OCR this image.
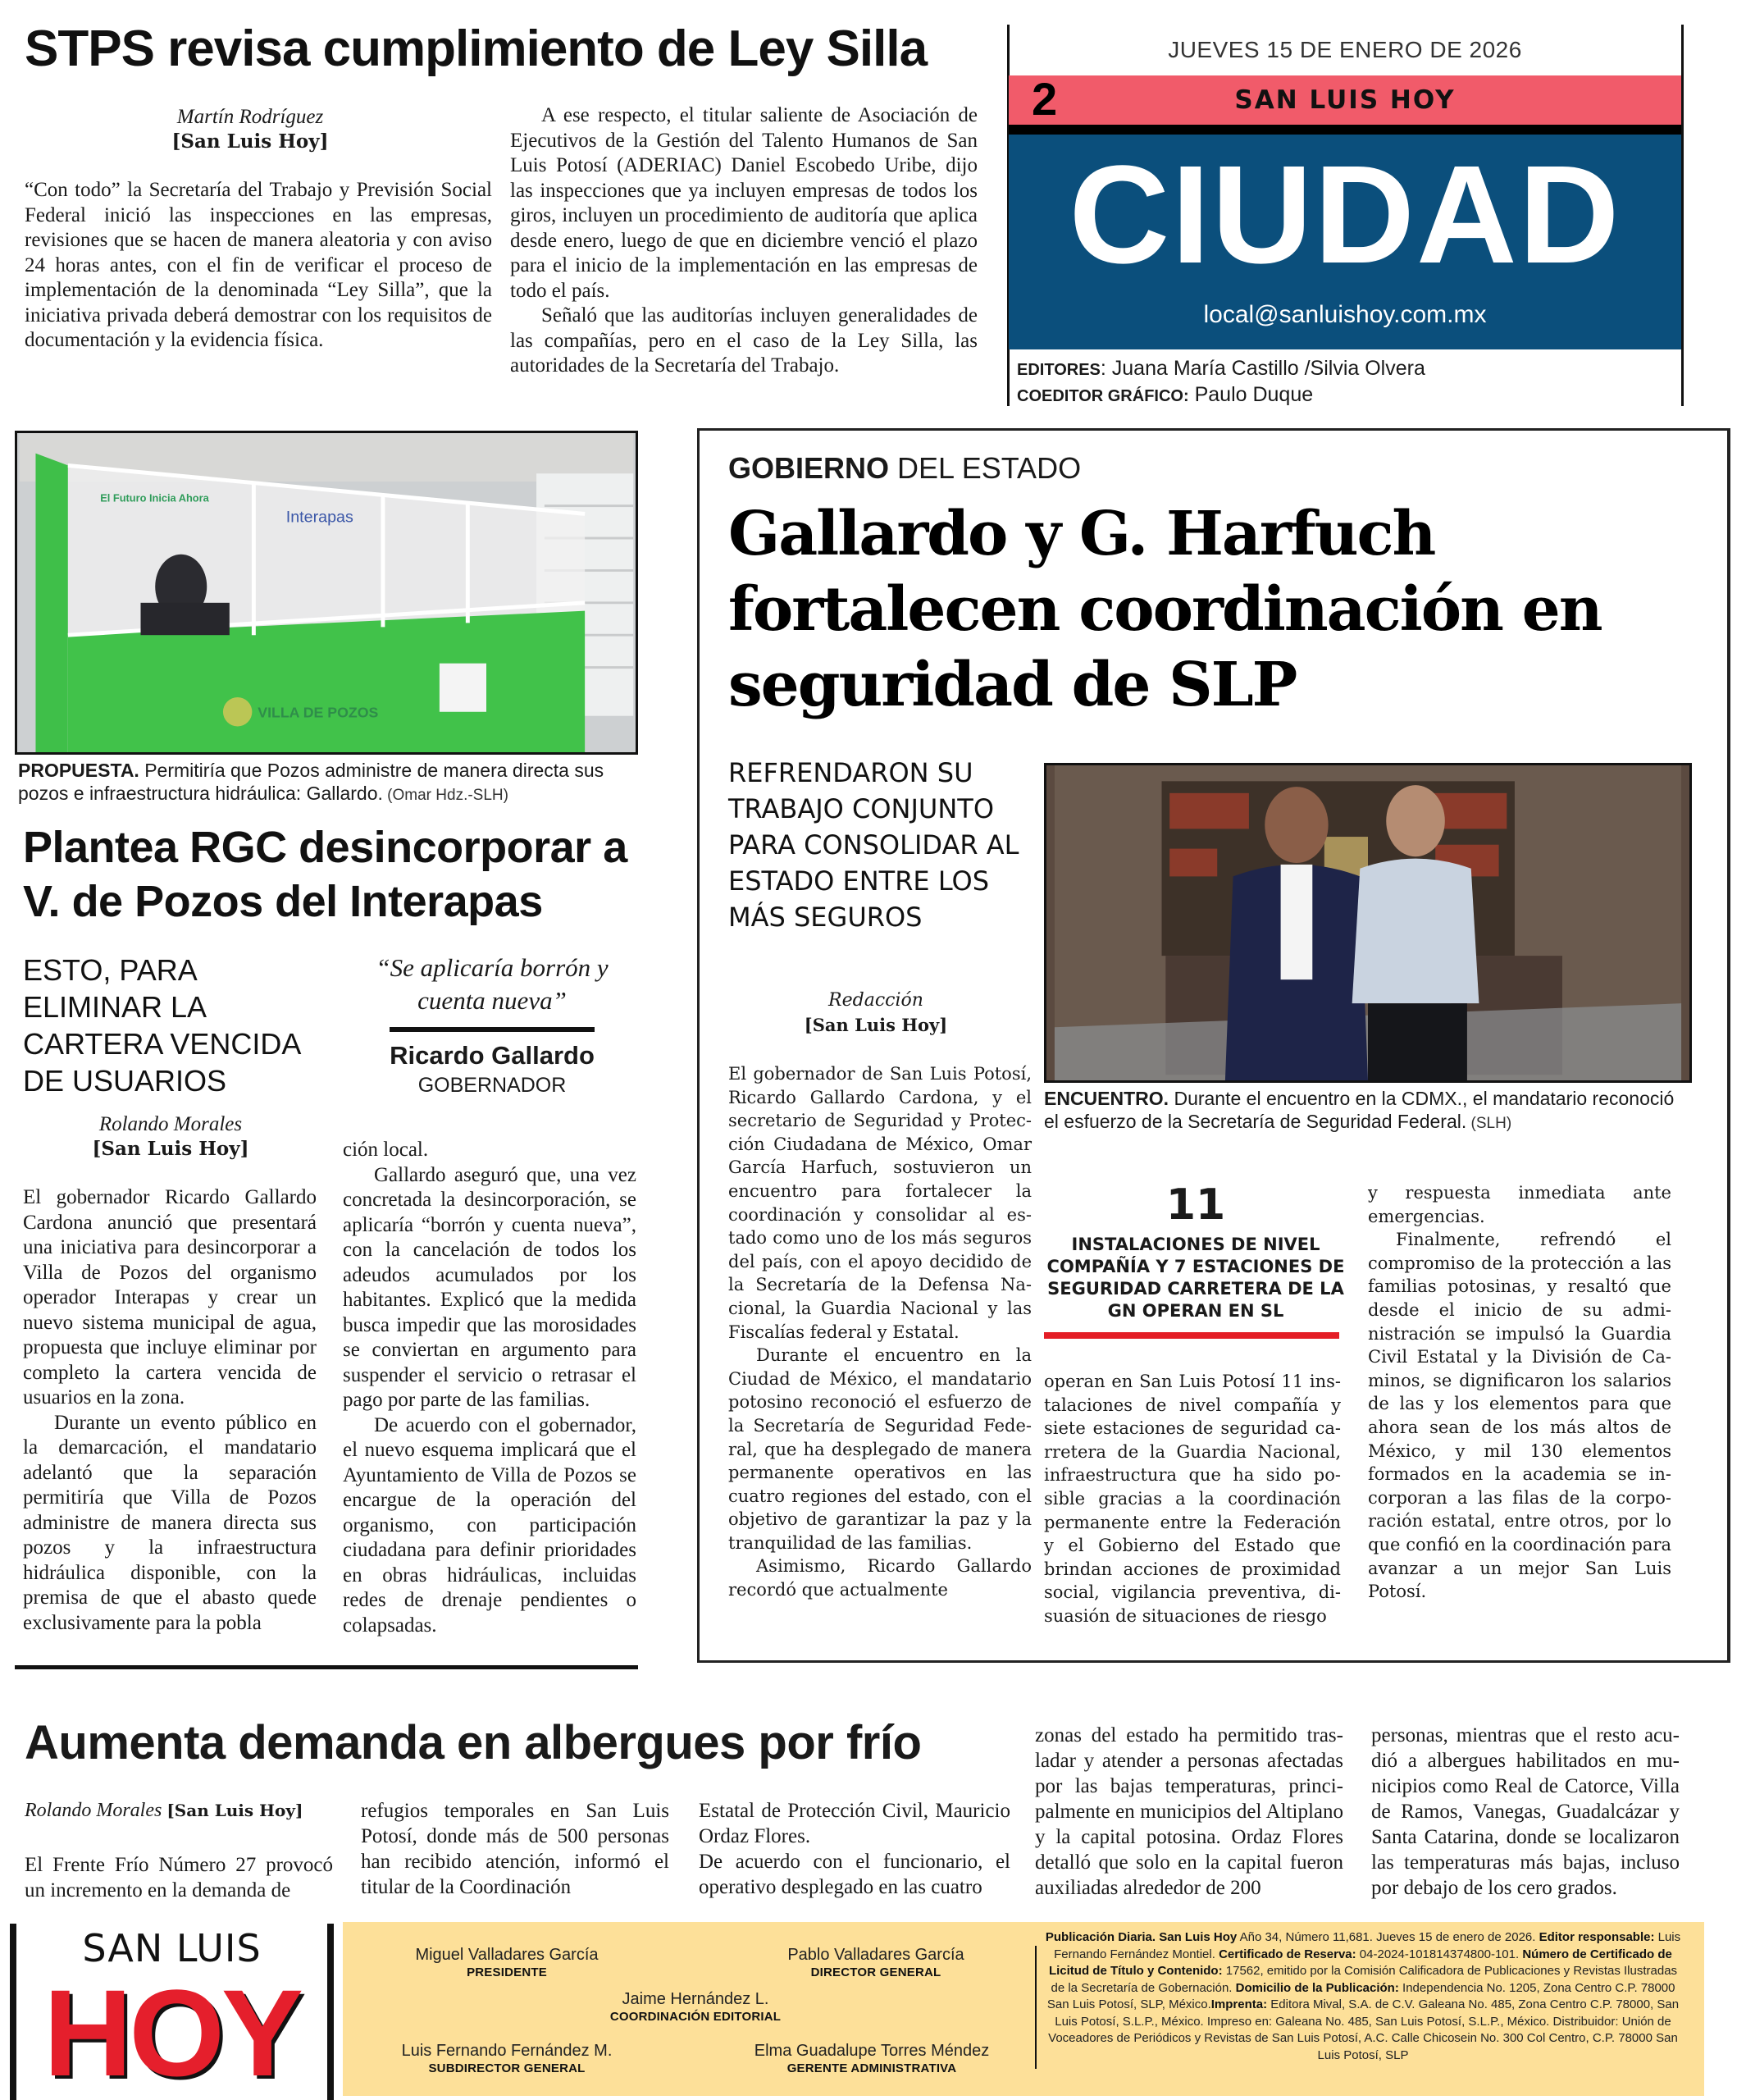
STPS revisa cumplimiento de Ley Silla
Martín Rodríguez
[San Luis Hoy]

“Con todo” la Secretaría del Trabajo y Previsión Social Federal inició las inspecciones en las empresas, revisiones que se hacen de manera aleatoria y con aviso 24 horas antes, con el fin de verificar el proceso de implementación de la denominada “Ley Silla”, que la iniciativa privada deberá demostrar con los requisitos de documentación y la evidencia física.

A ese respecto, el titular saliente de Asociación de Ejecutivos de la Gestión del Talento Humanos de San Luis Potosí (ADERIAC) Daniel Escobedo Uribe, dijo las inspecciones que ya incluyen empresas de todos los giros, incluyen un procedimiento de auditoría que aplica desde enero, luego de que en diciembre venció el plazo para el inicio de la implementación en las empresas de todo el país.

Señaló que las auditorías incluyen generalidades de las compañías, pero en el caso de la Ley Silla, las autoridades de la Secretaría del Trabajo.

JUEVES 15 DE ENERO DE 2026
2	SAN LUIS HOY
CIUDAD
local@sanluishoy.com.mx
EDITORES: Juana María Castillo /Silvia Olvera
COEDITOR GRÁFICO: Paulo Duque
El Futuro Inicia Ahora
Interapas
VILLA DE POZOS
PROPUESTA. Permitiría que Pozos administre de manera directa sus pozos e infraestructura hidráulica: Gallardo. (Omar Hdz.-SLH)
Plantea RGC desincorporar a V. de Pozos del Interapas
ESTO, PARA ELIMINAR LA CARTERA VENCIDA DE USUARIOS
“Se aplicaría borrón y cuenta nueva”
Ricardo Gallardo
GOBERNADOR
Rolando Morales
[San Luis Hoy]

El gobernador Ricardo Gallardo Cardona anunció que presentará una iniciativa para desincorporar a Villa de Pozos del organismo operador Interapas y crear un nuevo sistema municipal de agua, propuesta que incluye eliminar por completo la cartera vencida de usuarios en la zona.

Durante un evento público en la demarcación, el mandatario adelantó que la separación permitiría que Villa de Pozos administre de manera directa sus pozos y la infraestructura hidráulica disponible, con la premisa de que el abasto quede exclusivamente para la pobla

ción local.

Gallardo aseguró que, una vez concretada la desincorporación, se aplicaría “borrón y cuenta nueva”, con la cancelación de todos los adeudos acumulados por los habitantes. Explicó que la medida busca impedir que las morosidades se conviertan en argumento para suspender el servicio o retrasar el pago por parte de las familias.

De acuerdo con el gobernador, el nuevo esquema implicará que el Ayuntamiento de Villa de Pozos se encargue de la operación del organismo, con participación ciudadana para definir prioridades en obras hidráulicas, incluidas redes de drenaje pendientes o colapsadas.

GOBIERNO DEL ESTADO
Gallardo y G. Harfuch fortalecen coordinación en seguridad de SLP
REFRENDARON SU TRABAJO CONJUNTO PARA CONSOLIDAR AL ESTADO ENTRE LOS MÁS SEGUROS
Redacción
[San Luis Hoy]
ENCUENTRO. Durante el encuentro en la CDMX., el mandatario reconoció el esfuerzo de la Secretaría de Seguridad Federal. (SLH)

El gobernador de San Luis Potosí, Ricardo Gallardo Cardona, y el secretario de Seguridad y Protección Ciudadana de México, Omar García Harfuch, sostuvieron un encuentro para fortalecer la coordinación y consolidar al estado como uno de los más seguros del país, con el apoyo decidido de la Secretaría de la Defensa Nacional, la Guardia Nacional y las Fiscalías federal y Estatal.

Durante el encuentro en la Ciudad de México, el mandatario potosino reconoció el esfuerzo de la Secretaría de Seguridad Federal, que ha desplegado de manera permanente operativos en las cuatro regiones del estado, con el objetivo de garantizar la paz y la tranquilidad de las familias.

Asimismo, Ricardo Gallardo recordó que actualmente

11
INSTALACIONES DE NIVEL COMPAÑÍA Y 7 ESTACIONES DE SEGURIDAD CARRETERA DE LA GN OPERAN EN SL

operan en San Luis Potosí 11 instalaciones de nivel compañía y siete estaciones de seguridad carretera de la Guardia Nacional, infraestructura que ha sido posible gracias a la coordinación permanente entre la Federación y el Gobierno del Estado que brindan acciones de proximidad social, vigilancia preventiva, disuasión de situaciones de riesgo

y respuesta inmediata ante emergencias.

Finalmente, refrendó el compromiso de la protección a las familias potosinas, y resaltó que desde el inicio de su administración se impulsó la Guardia Civil Estatal y la División de Caminos, se dignificaron los salarios de las y los elementos para que ahora sean de los más altos de México, y mil 130 elementos formados en la academia se incorporan a las filas de la corporación estatal, entre otros, por lo que confió en la coordinación para avanzar a un mejor San Luis Potosí.

Aumenta demanda en albergues por frío
Rolando Morales [San Luis Hoy]

El Frente Frío Número 27 provocó un incremento en la demanda de

refugios temporales en San Luis Potosí, donde más de 500 personas han recibido atención, informó el titular de la Coordinación

Estatal de Protección Civil, Mauricio Ordaz Flores.

De acuerdo con el funcionario, el operativo desplegado en las cuatro

zonas del estado ha permitido trasladar y atender a personas afectadas por las bajas temperaturas, principalmente en municipios del Altiplano y la capital potosina. Ordaz Flores detalló que solo en la capital fueron auxiliadas alrededor de 200

personas, mientras que el resto acudió a albergues habilitados en municipios como Real de Catorce, Villa de Ramos, Vanegas, Guadalcázar y Santa Catarina, donde se localizaron las temperaturas más bajas, incluso por debajo de los cero grados.

SAN LUIS
HOY
Miguel Valladares García
PRESIDENTE
Pablo Valladares García
DIRECTOR GENERAL
Jaime Hernández L.
COORDINACIÓN EDITORIAL
Luis Fernando Fernández M.
SUBDIRECTOR GENERAL
Elma Guadalupe Torres Méndez
GERENTE ADMINISTRATIVA
Publicación Diaria. San Luis Hoy Año 34, Número 11,681. Jueves 15 de enero de 2026. Editor responsable: Luis Fernando Fernández Montiel. Certificado de Reserva: 04-2024-101814374800-101. Número de Certificado de Licitud de Título y Contenido: 17562, emitido por la Comisión Calificadora de Publicaciones y Revistas Ilustradas de la Secretaría de Gobernación. Domicilio de la Publicación: Independencia No. 1205, Zona Centro C.P. 78000 San Luis Potosí, SLP, México.Imprenta: Editora Mival, S.A. de C.V. Galeana No. 485, Zona Centro C.P. 78000, San Luis Potosí, S.L.P., México. Impreso en: Galeana No. 485, San Luis Potosí, S.L.P., México. Distribuidor: Unión de Voceadores de Periódicos y Revistas de San Luis Potosí, A.C. Calle Chicosein No. 300 Col Centro, C.P. 78000 San Luis Potosí, SLP
